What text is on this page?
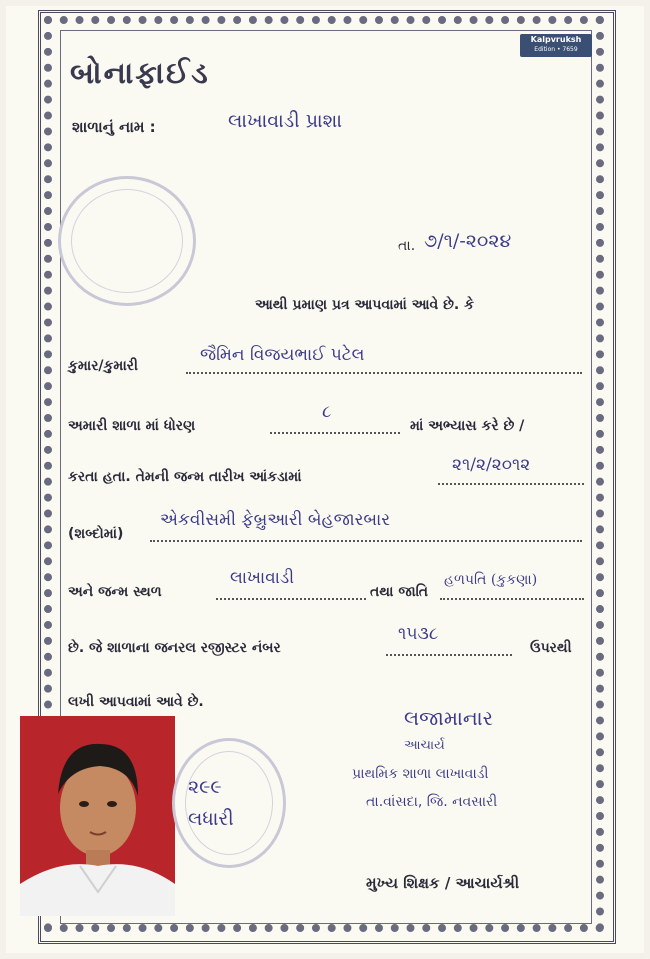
Kalpvruksh
Edition • 7659
બોનાફાઈડ
શાળાનું નામ :	લાખાવાડી પ્રાશા
તા. ૭/૧/-૨૦૨૪
આથી પ્રમાણ પ્રત્ર આપવામાં આવે છે. કે
કુમાર/કુમારી
જૈમિન વિજયભાઈ પટેલ
અમારી શાળા માં ધોરણ
૮
માં અભ્યાસ કરે છે /
કરતા હતા. તેમની જન્મ તારીખ આંકડામાં
૨૧/૨/૨૦૧૨
(શબ્દોમાં)
એકવીસમી ફેબ્રુઆરી બેહજારબાર
અને જન્મ સ્થળ
લાખાવાડી
તથા જાતિ
હળપતિ (કુકણા)
છે. જે શાળાના જનરલ રજીસ્ટર નંબર
૧૫૩૮
ઉપરથી
લખી આપવામાં આવે છે.
૨૯૯
લધારી
લજામાનાર
આચાર્ય
પ્રાથમિક શાળા લાખાવાડી
તા.વાંસદા, જિ. નવસારી
મુખ્ય શિક્ષક / આચાર્યશ્રી
